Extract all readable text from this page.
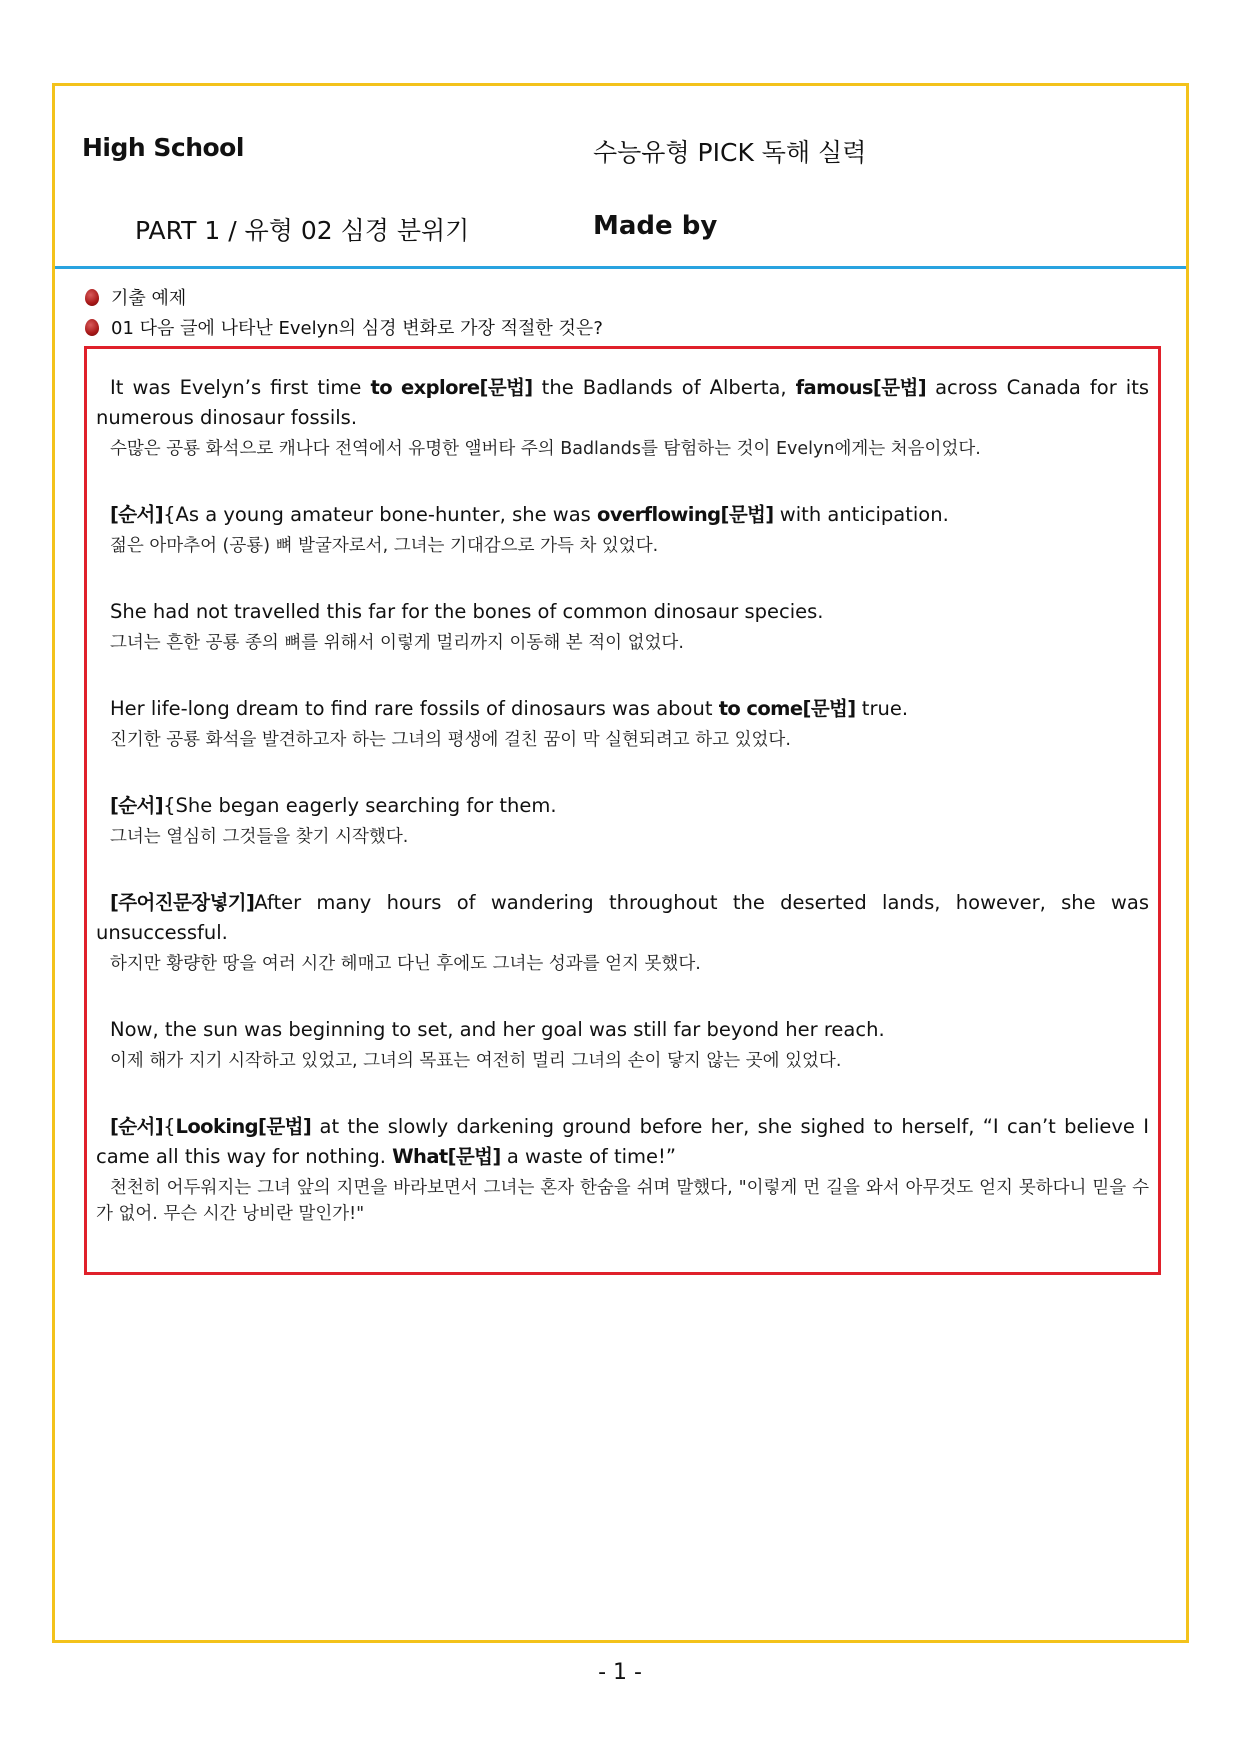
High School	수능유형 PICK 독해 실력
PART 1 / 유형 02 심경 분위기	Made by
기출 예제
01 다음 글에 나타난 Evelyn의 심경 변화로 가장 적절한 것은?
It was Evelyn’s first time to explore[문법] the Badlands of Alberta, famous[문법] across Canada for its numerous dinosaur fossils.
수많은 공룡 화석으로 캐나다 전역에서 유명한 앨버타 주의 Badlands를 탐험하는 것이 Evelyn에게는 처음이었다.
[순서]{As a young amateur bone-hunter, she was overflowing[문법] with anticipation.
젊은 아마추어 (공룡) 뼈 발굴자로서, 그녀는 기대감으로 가득 차 있었다.
She had not travelled this far for the bones of common dinosaur species.
그녀는 흔한 공룡 종의 뼈를 위해서 이렇게 멀리까지 이동해 본 적이 없었다.
Her life-long dream to find rare fossils of dinosaurs was about to come[문법] true.
진기한 공룡 화석을 발견하고자 하는 그녀의 평생에 걸친 꿈이 막 실현되려고 하고 있었다.
[순서]{She began eagerly searching for them.
그녀는 열심히 그것들을 찾기 시작했다.
[주어진문장넣기]After many hours of wandering throughout the deserted lands, however, she was unsuccessful.
하지만 황량한 땅을 여러 시간 헤매고 다닌 후에도 그녀는 성과를 얻지 못했다.
Now, the sun was beginning to set, and her goal was still far beyond her reach.
이제 해가 지기 시작하고 있었고, 그녀의 목표는 여전히 멀리 그녀의 손이 닿지 않는 곳에 있었다.
[순서]{Looking[문법] at the slowly darkening ground before her, she sighed to herself, “I can’t believe I came all this way for nothing. What[문법] a waste of time!”
천천히 어두워지는 그녀 앞의 지면을 바라보면서 그녀는 혼자 한숨을 쉬며 말했다, "이렇게 먼 길을 와서 아무것도 얻지 못하다니 믿을 수가 없어. 무슨 시간 낭비란 말인가!"
- 1 -
